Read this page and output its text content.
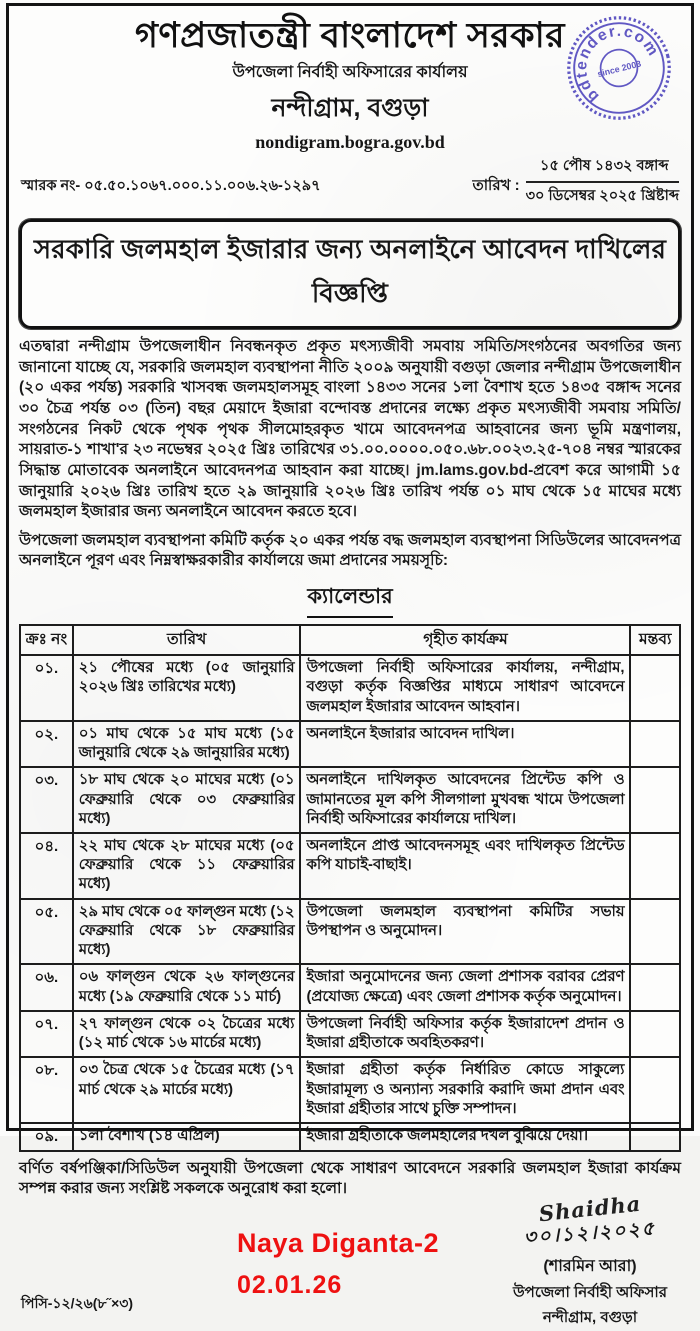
bdtender.com
since 2003
গণপ্রজাতন্ত্রী বাংলাদেশ সরকার
উপজেলা নির্বাহী অফিসারের কার্যালয়
নন্দীগ্রাম, বগুড়া
nondigram.bogra.gov.bd
স্মারক নং- ০৫.৫০.১০৬৭.০০০.১১.০০৬.২৬-১২৯৭	তারিখ :
১৫ পৌষ ১৪৩২ বঙ্গাব্দ
৩০ ডিসেম্বর ২০২৫ খ্রিষ্টাব্দ
সরকারি জলমহাল ইজারার জন্য অনলাইনে আবেদন দাখিলের বিজ্ঞপ্তি

এতদ্বারা নন্দীগ্রাম উপজেলাধীন নিবন্ধনকৃত প্রকৃত মৎস্যজীবী সমবায় সমিতি/সংগঠনের অবগতির জন্য জানানো যাচ্ছে যে, সরকারি জলমহাল ব্যবস্থাপনা নীতি ২০০৯ অনুযায়ী বগুড়া জেলার নন্দীগ্রাম উপজেলাধীন (২০ একর পর্যন্ত) সরকারি খাসবন্ধ জলমহালসমূহ বাংলা ১৪৩৩ সনের ১লা বৈশাখ হতে ১৪৩৫ বঙ্গাব্দ সনের ৩০ চৈত্র পর্যন্ত ০৩ (তিন) বছর মেয়াদে ইজারা বন্দোবস্ত প্রদানের লক্ষ্যে প্রকৃত মৎস্যজীবী সমবায় সমিতি/সংগঠনের নিকট থেকে পৃথক পৃথক সীলমোহরকৃত খামে আবেদনপত্র আহবানের জন্য ভূমি মন্ত্রণালয়, সায়রাত-১ শাখা'র ২৩ নভেম্বর ২০২৫ খ্রিঃ তারিখের ৩১.০০.০০০০.০৫০.৬৮.০০২৩.২৫-৭০৪ নম্বর স্মারকের সিদ্ধান্ত মোতাবেক অনলাইনে আবেদনপত্র আহবান করা যাচ্ছে। jm.lams.gov.bd-প্রবেশ করে আগামী ১৫ জানুয়ারি ২০২৬ খ্রিঃ তারিখ হতে ২৯ জানুয়ারি ২০২৬ খ্রিঃ তারিখ পর্যন্ত ০১ মাঘ থেকে ১৫ মাঘের মধ্যে জলমহাল ইজারার জন্য অনলাইনে আবেদন করতে হবে।

উপজেলা জলমহাল ব্যবস্থাপনা কমিটি কর্তৃক ২০ একর পর্যন্ত বদ্ধ জলমহাল ব্যবস্থাপনা সিডিউলের আবেদনপত্র অনলাইনে পূরণ এবং নিম্নস্বাক্ষরকারীর কার্যালয়ে জমা প্রদানের সময়সূচি:

ক্যালেন্ডার
ক্রঃ নং	তারিখ	গৃহীত কার্যক্রম	মন্তব্য
০১.	২১ পৌষের মধ্যে (০৫ জানুয়ারি ২০২৬ খ্রিঃ তারিখের মধ্যে)	উপজেলা নির্বাহী অফিসারের কার্যালয়, নন্দীগ্রাম, বগুড়া কর্তৃক বিজ্ঞপ্তির মাধ্যমে সাধারণ আবেদনে জলমহাল ইজারার আবেদন আহবান।	
০২.	০১ মাঘ থেকে ১৫ মাঘ মধ্যে (১৫ জানুয়ারি থেকে ২৯ জানুয়ারির মধ্যে)	অনলাইনে ইজারার আবেদন দাখিল।	
০৩.	১৮ মাঘ থেকে ২০ মাঘের মধ্যে (০১ ফেব্রুয়ারি থেকে ০৩ ফেব্রুয়ারির মধ্যে)	অনলাইনে দাখিলকৃত আবেদনের প্রিন্টেড কপি ও জামানতের মূল কপি সীলগালা মুখবন্ধ খামে উপজেলা নির্বাহী অফিসারের কার্যালয়ে দাখিল।	
০৪.	২২ মাঘ থেকে ২৮ মাঘের মধ্যে (০৫ ফেব্রুয়ারি থেকে ১১ ফেব্রুয়ারির মধ্যে)	অনলাইনে প্রাপ্ত আবেদনসমূহ এবং দাখিলকৃত প্রিন্টেড কপি যাচাই-বাছাই।	
০৫.	২৯ মাঘ থেকে ০৫ ফাল্গুন মধ্যে (১২ ফেব্রুয়ারি থেকে ১৮ ফেব্রুয়ারির মধ্যে)	উপজেলা জলমহাল ব্যবস্থাপনা কমিটির সভায় উপস্থাপন ও অনুমোদন।	
০৬.	০৬ ফাল্গুন থেকে ২৬ ফাল্গুনের মধ্যে (১৯ ফেব্রুয়ারি থেকে ১১ মার্চ)	ইজারা অনুমোদনের জন্য জেলা প্রশাসক বরাবর প্রেরণ (প্রযোজ্য ক্ষেত্রে) এবং জেলা প্রশাসক কর্তৃক অনুমোদন।	
০৭.	২৭ ফাল্গুন থেকে ০২ চৈত্রের মধ্যে (১২ মার্চ থেকে ১৬ মার্চের মধ্যে)	উপজেলা নির্বাহী অফিসার কর্তৃক ইজারাদেশ প্রদান ও ইজারা গ্রহীতাকে অবহিতকরণ।	
০৮.	০৩ চৈত্র থেকে ১৫ চৈত্রের মধ্যে (১৭ মার্চ থেকে ২৯ মার্চের মধ্যে)	ইজারা গ্রহীতা কর্তৃক নির্ধারিত কোডে সাকুল্যে ইজারামূল্য ও অন্যান্য সরকারি করাদি জমা প্রদান এবং ইজারা গ্রহীতার সাথে চুক্তি সম্পাদন।	
০৯.	১লা বৈশাখ (১৪ এপ্রিল)	ইজারা গ্রহীতাকে জলমহালের দখল বুঝিয়ে দেয়া।	

বর্ণিত বর্ষপঞ্জিকা/সিডিউল অনুযায়ী উপজেলা থেকে সাধারণ আবেদনে সরকারি জলমহাল ইজারা কার্যক্রম সম্পন্ন করার জন্য সংশ্লিষ্ট সকলকে অনুরোধ করা হলো।

পিসি-১২/২৬(৮˝×৩)
Naya Diganta-2
02.01.26
Shaidha
৩০।১২।২০২৫
(শারমিন আরা)
উপজেলা নির্বাহী অফিসার
নন্দীগ্রাম, বগুড়া
